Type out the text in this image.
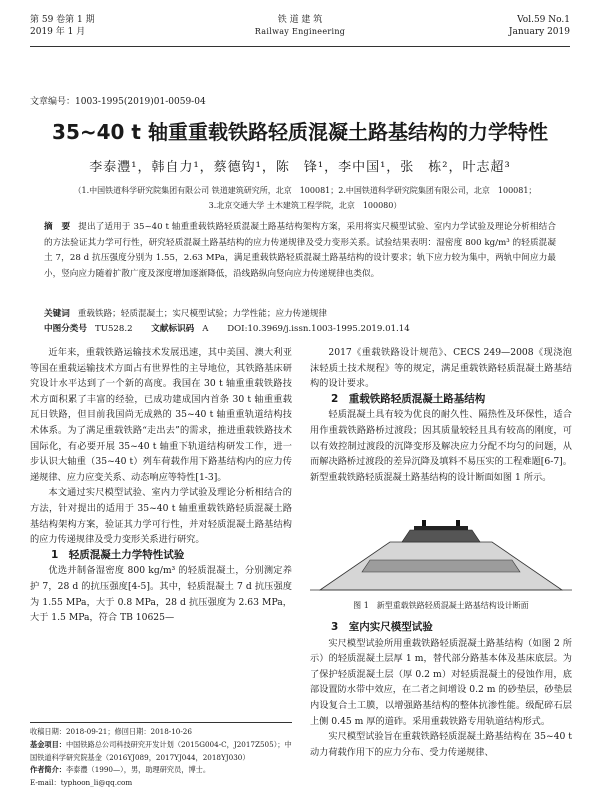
第 59 卷第 1 期
2019 年 1 月
铁 道 建 筑
Railway Engineering
Vol.59 No.1
January 2019
文章编号：1003-1995(2019)01-0059-04
35~40 t 轴重重载铁路轻质混凝土路基结构的力学特性
李泰灃¹，韩自力¹，蔡德钩¹，陈　锋¹，李中国¹，张　栋²，叶志超³
（1.中国铁道科学研究院集团有限公司 铁道建筑研究所，北京　100081；2.中国铁道科学研究院集团有限公司，北京　100081；
3.北京交通大学 土木建筑工程学院，北京　100080）
摘　要 提出了适用于 35~40 t 轴重重载铁路轻质混凝土路基结构架构方案，采用将实尺模型试验、室内力学试验及理论分析相结合的方法验证其力学可行性，研究轻质混凝土路基结构的应力传递规律及受力变形关系。试验结果表明：湿密度 800 kg/m³ 的轻质混凝土 7，28 d 抗压强度分别为 1.55，2.63 MPa，满足重载铁路轻质混凝土路基结构的设计要求；轨下应力较为集中，两轨中间应力最小，竖向应力随着扩散广度及深度增加逐渐降低，沿线路纵向竖向应力传递规律也类似。
关键词 重载铁路；轻质混凝土；实尺模型试验；力学性能；应力传递规律
中图分类号 TU528.2 文献标识码 A DOI:10.3969/j.issn.1003-1995.2019.01.14

近年来，重载铁路运输技术发展迅速，其中美国、澳大利亚等国在重载运输技术方面占有世界性的主导地位，其铁路基床研究设计水平达到了一个新的高度。我国在 30 t 轴重重载铁路技术方面积累了丰富的经验，已成功建成国内首条 30 t 轴重重载瓦日铁路，但目前我国尚无成熟的 35~40 t 轴重重轨道结构技术体系。为了满足重载铁路“走出去”的需求，推进重载铁路技术国际化，有必要开展 35~40 t 轴重下轨道结构研发工作，进一步认识大轴重（35~40 t）列车荷载作用下路基结构内的应力传递规律、应力应变关系、动态响应等特性[1-3]。

本文通过实尺模型试验、室内力学试验及理论分析相结合的方法，针对提出的适用于 35~40 t 轴重重载铁路轻质混凝土路基结构架构方案，验证其力学可行性，并对轻质混凝土路基结构的应力传递规律及受力变形关系进行研究。

1　轻质混凝土力学特性试验

优选并制备湿密度 800 kg/m³ 的轻质混凝土，分别测定养护 7，28 d 的抗压强度[4-5]。其中，轻质混凝土 7 d 抗压强度为 1.55 MPa，大于 0.8 MPa，28 d 抗压强度为 2.63 MPa，大于 1.5 MPa，符合 TB 10625—

2017《重载铁路设计规范》、CECS 249—2008《现浇泡沫轻质土技术规程》等的规定，满足重载铁路轻质混凝土路基结构的设计要求。

2　重载铁路轻质混凝土路基结构

轻质混凝土具有较为优良的耐久性、隔热性及环保性，适合用作重载铁路路桥过渡段；因其质量较轻且具有较高的刚度，可以有效控制过渡段的沉降变形及解决应力分配不均匀的问题，从而解决路桥过渡段的差异沉降及填料不易压实的工程难题[6-7]。新型重载铁路轻质混凝土路基结构的设计断面如图 1 所示。

图 1　新型重载铁路轻质混凝土路基结构设计断面

3　室内实尺模型试验

实尺模型试验所用重载铁路轻质混凝土路基结构（如图 2 所示）的轻质混凝土层厚 1 m，替代部分路基本体及基床底层。为了保护轻质混凝土层（厚 0.2 m）对轻质混凝土的侵蚀作用，底部设置防水带中效应，在二者之间增设 0.2 m 的砂垫层，砂垫层内设复合土工膜，以增强路基结构的整体抗渗性能。级配碎石层上侧 0.45 m 厚的道砟。采用重载铁路专用轨道结构形式。

实尺模型试验旨在重载铁路轻质混凝土路基结构在 35~40 t 动力荷载作用下的应力分布、受力传递规律、

收稿日期：2018-09-21；修回日期：2018-10-26
基金项目：中国铁路总公司科技研究开发计划（2015G004-C，J2017Z505）；中国铁道科学研究院基金（2016YJ089，2017YJ044，2018YJ030）
作者简介：李泰灃（1990—），男，助理研究员，博士。
E-mail：typhoon_li@qq.com
